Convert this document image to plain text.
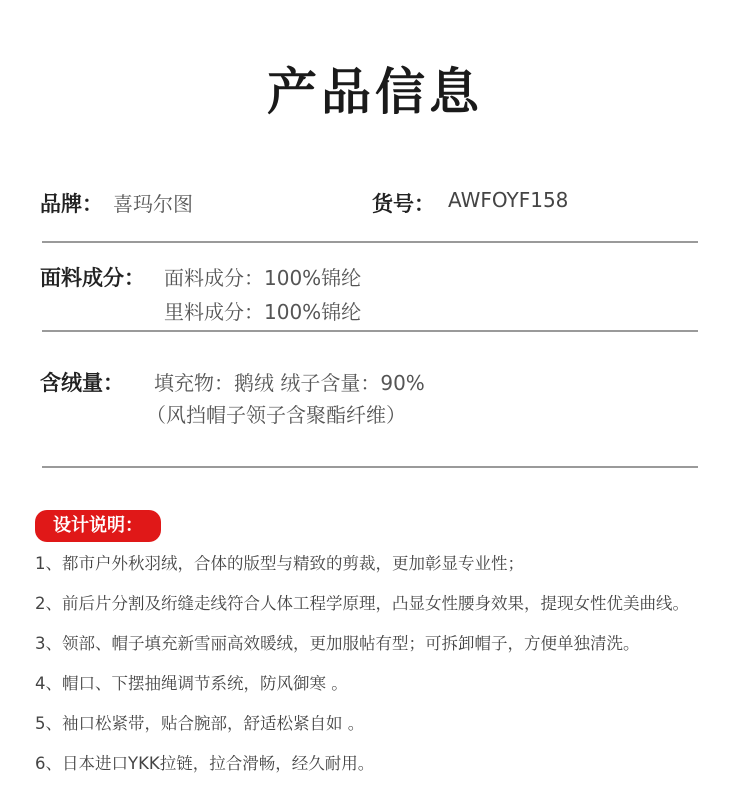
产品信息
品牌： 喜玛尔图	货号： AWFOYF158
面料成分： 面料成分：100%锦纶
里料成分：100%锦纶
含绒量： 填充物：鹅绒 绒子含量：90%
（风挡帽子领子含聚酯纤维）
设计说明：
1、都市户外秋羽绒，合体的版型与精致的剪裁，更加彰显专业性；
2、前后片分割及绗缝走线符合人体工程学原理，凸显女性腰身效果，提现女性优美曲线。
3、领部、帽子填充新雪丽高效暖绒，更加服帖有型；可拆卸帽子，方便单独清洗。
4、帽口、下摆抽绳调节系统，防风御寒 。
5、袖口松紧带，贴合腕部，舒适松紧自如 。
6、日本进口YKK拉链，拉合滑畅，经久耐用。
